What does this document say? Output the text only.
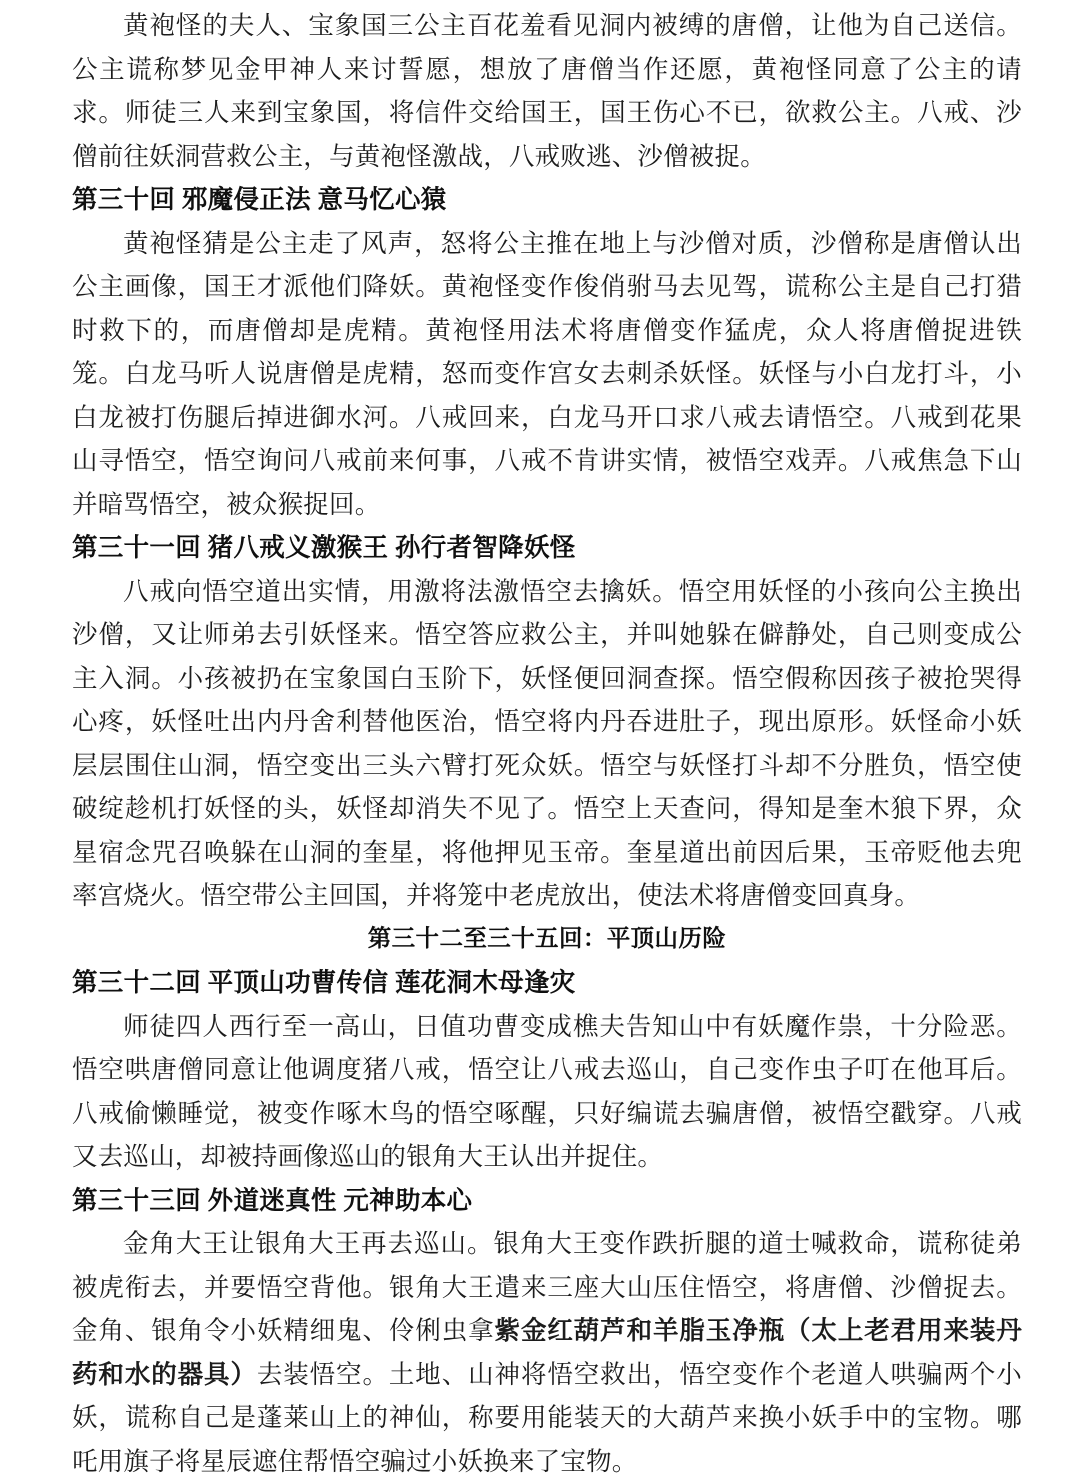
黄袍怪的夫人、宝象国三公主百花羞看见洞内被缚的唐僧，让他为自己送信。公主谎称梦见金甲神人来讨誓愿，想放了唐僧当作还愿，黄袍怪同意了公主的请求。师徒三人来到宝象国，将信件交给国王，国王伤心不已，欲救公主。八戒、沙僧前往妖洞营救公主，与黄袍怪激战，八戒败逃、沙僧被捉。

第三十回 邪魔侵正法 意马忆心猿

黄袍怪猜是公主走了风声，怒将公主推在地上与沙僧对质，沙僧称是唐僧认出公主画像，国王才派他们降妖。黄袍怪变作俊俏驸马去见驾，谎称公主是自己打猎时救下的，而唐僧却是虎精。黄袍怪用法术将唐僧变作猛虎，众人将唐僧捉进铁笼。白龙马听人说唐僧是虎精，怒而变作宫女去刺杀妖怪。妖怪与小白龙打斗，小白龙被打伤腿后掉进御水河。八戒回来，白龙马开口求八戒去请悟空。八戒到花果山寻悟空，悟空询问八戒前来何事，八戒不肯讲实情，被悟空戏弄。八戒焦急下山并暗骂悟空，被众猴捉回。

第三十一回 猪八戒义激猴王 孙行者智降妖怪

八戒向悟空道出实情，用激将法激悟空去擒妖。悟空用妖怪的小孩向公主换出沙僧，又让师弟去引妖怪来。悟空答应救公主，并叫她躲在僻静处，自己则变成公主入洞。小孩被扔在宝象国白玉阶下，妖怪便回洞查探。悟空假称因孩子被抢哭得心疼，妖怪吐出内丹舍利替他医治，悟空将内丹吞进肚子，现出原形。妖怪命小妖层层围住山洞，悟空变出三头六臂打死众妖。悟空与妖怪打斗却不分胜负，悟空使破绽趁机打妖怪的头，妖怪却消失不见了。悟空上天查问，得知是奎木狼下界，众星宿念咒召唤躲在山洞的奎星，将他押见玉帝。奎星道出前因后果，玉帝贬他去兜率宫烧火。悟空带公主回国，并将笼中老虎放出，使法术将唐僧变回真身。

第三十二至三十五回：平顶山历险
第三十二回 平顶山功曹传信 莲花洞木母逢灾

师徒四人西行至一高山，日值功曹变成樵夫告知山中有妖魔作祟，十分险恶。悟空哄唐僧同意让他调度猪八戒，悟空让八戒去巡山，自己变作虫子叮在他耳后。八戒偷懒睡觉，被变作啄木鸟的悟空啄醒，只好编谎去骗唐僧，被悟空戳穿。八戒又去巡山，却被持画像巡山的银角大王认出并捉住。

第三十三回 外道迷真性 元神助本心

金角大王让银角大王再去巡山。银角大王变作跌折腿的道士喊救命，谎称徒弟被虎衔去，并要悟空背他。银角大王遣来三座大山压住悟空，将唐僧、沙僧捉去。金角、银角令小妖精细鬼、伶俐虫拿紫金红葫芦和羊脂玉净瓶（太上老君用来装丹药和水的器具）去装悟空。土地、山神将悟空救出，悟空变作个老道人哄骗两个小妖，谎称自己是蓬莱山上的神仙，称要用能装天的大葫芦来换小妖手中的宝物。哪吒用旗子将星辰遮住帮悟空骗过小妖换来了宝物。
